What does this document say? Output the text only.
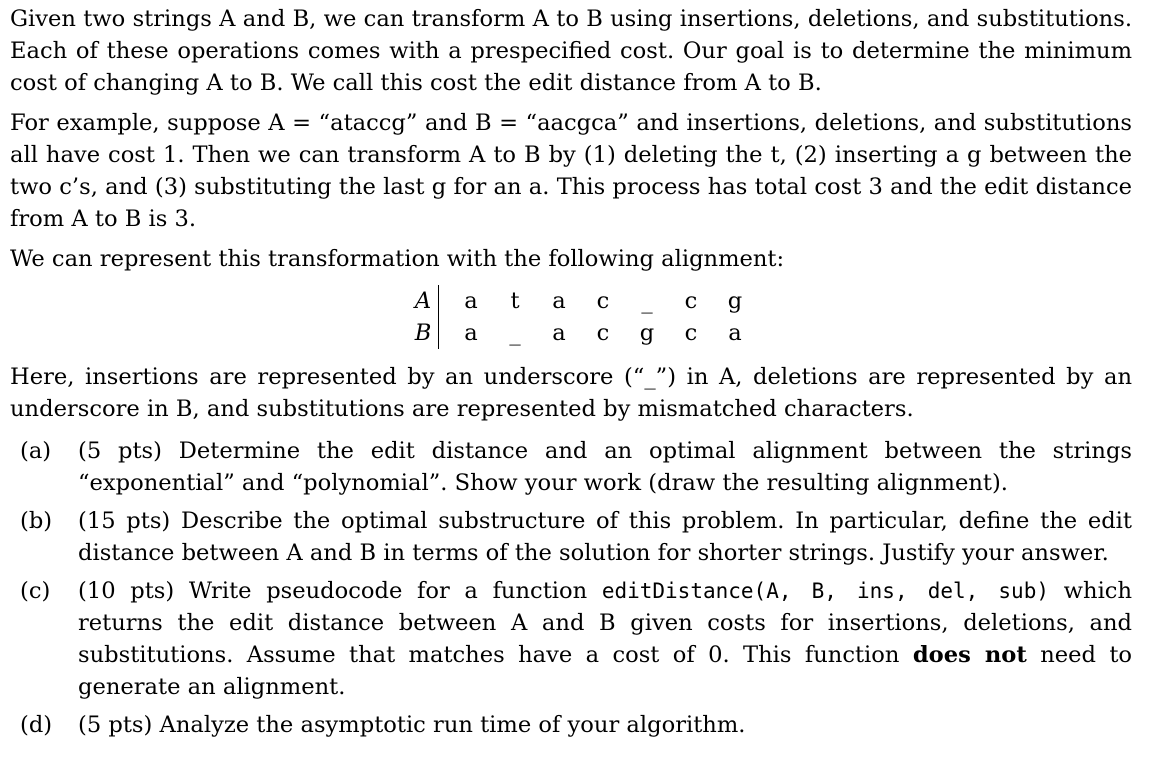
Given two strings A and B, we can transform A to B using insertions, deletions, and substitutions. Each of these operations comes with a prespecified cost. Our goal is to determine the minimum cost of changing A to B. We call this cost the edit distance from A to B.

For example, suppose A = “ataccg” and B = “aacgca” and insertions, deletions, and substitutions all have cost 1. Then we can transform A to B by (1) deleting the t, (2) inserting a g between the two c’s, and (3) substituting the last g for an a. This process has total cost 3 and the edit distance from A to B is 3.

We can represent this transformation with the following alignment:

A	a	t	a	c	_	c	g
B	a	_	a	c	g	c	a

Here, insertions are represented by an underscore (“_”) in A, deletions are represented by an underscore in B, and substitutions are represented by mismatched characters.

(a)	(5 pts) Determine the edit distance and an optimal alignment between the strings “exponential” and “polynomial”. Show your work (draw the resulting alignment).
(b)	(15 pts) Describe the optimal substructure of this problem. In particular, define the edit distance between A and B in terms of the solution for shorter strings. Justify your answer.
(c)	(10 pts) Write pseudocode for a function editDistance(A, B, ins, del, sub) which returns the edit distance between A and B given costs for insertions, deletions, and substitutions. Assume that matches have a cost of 0. This function does not need to generate an alignment.
(d)	(5 pts) Analyze the asymptotic run time of your algorithm.
